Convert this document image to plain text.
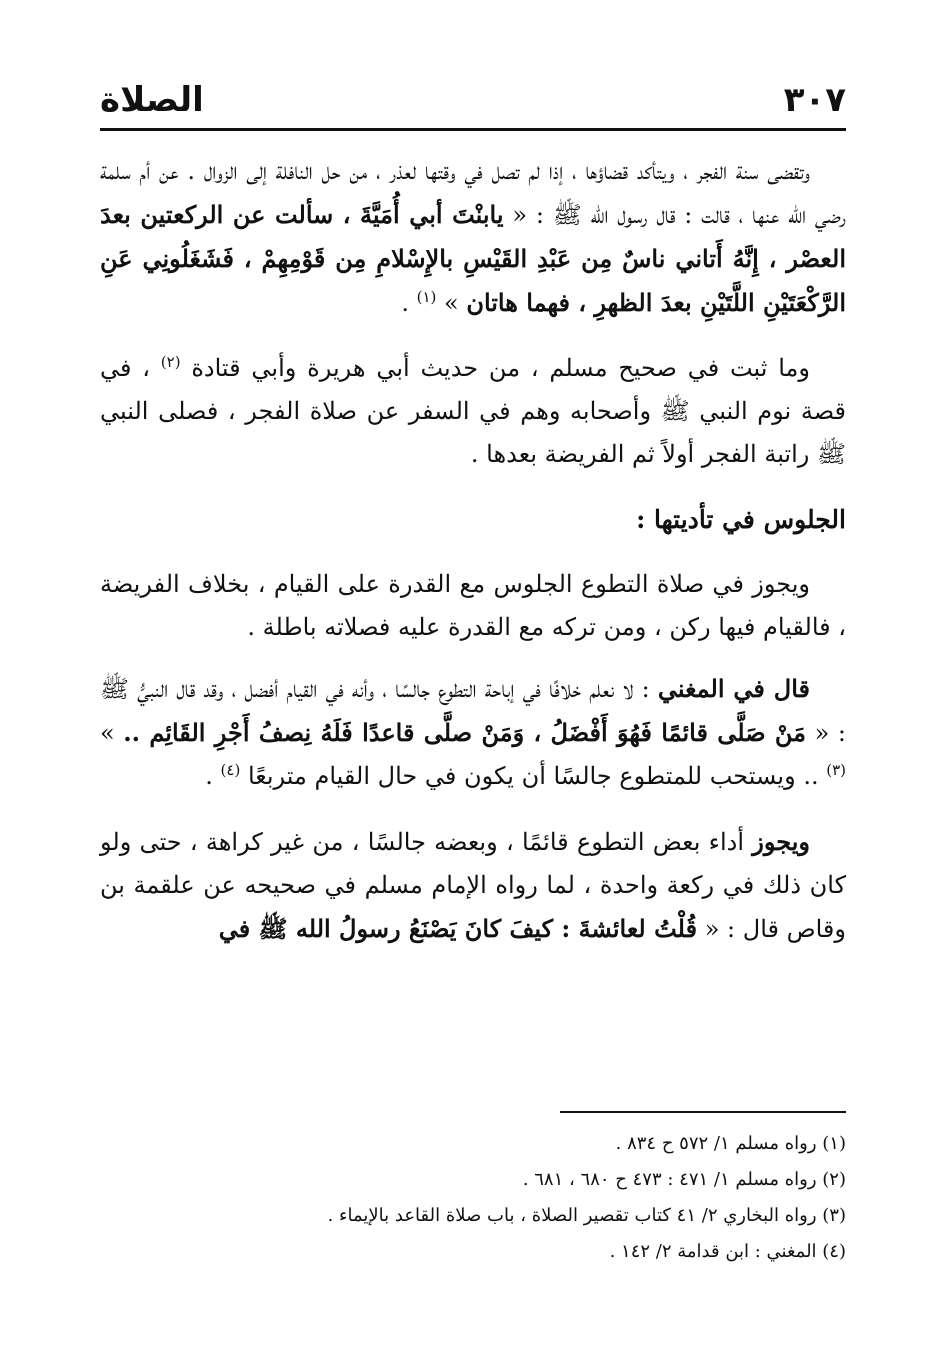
٣٠٧
الصلاة

وتقضى سنة الفجر ، ويتأكد قضاؤها ، إذا لم تصل في وقتها لعذر ، من حل النافلة إلى الزوال . عن أم سلمة رضي الله عنها ، قالت : قال رسول الله ﷺ : « يابنْتَ أبي أُمَيَّةَ ، سألت عن الركعتين بعدَ العصْر ، إِنَّهُ أَتاني ناسٌ مِن عَبْدِ القَيْسِ بالإِسْلامِ مِن قَوْمِهِمْ ، فَشَغَلُونِي عَنِ الرَّكْعَتَيْنِ اللَّتَيْنِ بعدَ الظهرِ ، فهما هاتان » $^{(١)}$ .

وما ثبت في صحيح مسلم ، من حديث أبي هريرة وأبي قتادة $^{(٢)}$ ، في قصة نوم النبي ﷺ وأصحابه وهم في السفر عن صلاة الفجر ، فصلى النبي ﷺ راتبة الفجر أولاً ثم الفريضة بعدها .

الجلوس في تأديتها :

ويجوز في صلاة التطوع الجلوس مع القدرة على القيام ، بخلاف الفريضة ، فالقيام فيها ركن ، ومن تركه مع القدرة عليه فصلاته باطلة .

قال في المغني : لا نعلم خلافًا في إباحة التطوع جالسًا ، وأنه في القيام أفضل ، وقد قال النبيُّ ﷺ : « مَنْ صَلَّى قائمًا فَهُوَ أَفْضَلُ ، وَمَنْ صلَّى قاعدًا فَلَهُ نِصفُ أَجْرِ القَائِم .. » $^{(٣)}$ .. ويستحب للمتطوع جالسًا أن يكون في حال القيام متربعًا $^{(٤)}$ .

ويجوز أداء بعض التطوع قائمًا ، وبعضه جالسًا ، من غير كراهة ، حتى ولو كان ذلك في ركعة واحدة ، لما رواه الإمام مسلم في صحيحه عن علقمة بن وقاص قال : « قُلْتُ لعائشةَ : كيفَ كانَ يَصْنَعُ رسولُ الله ﷺ في

(١) رواه مسلم ١/ ٥٧٢ ح ٨٣٤ .
(٢) رواه مسلم ١/ ٤٧١ : ٤٧٣ ح ٦٨٠ ، ٦٨١ .
(٣) رواه البخاري ٢/ ٤١ كتاب تقصير الصلاة ، باب صلاة القاعد بالإيماء .
(٤) المغني : ابن قدامة ٢/ ١٤٢ .
